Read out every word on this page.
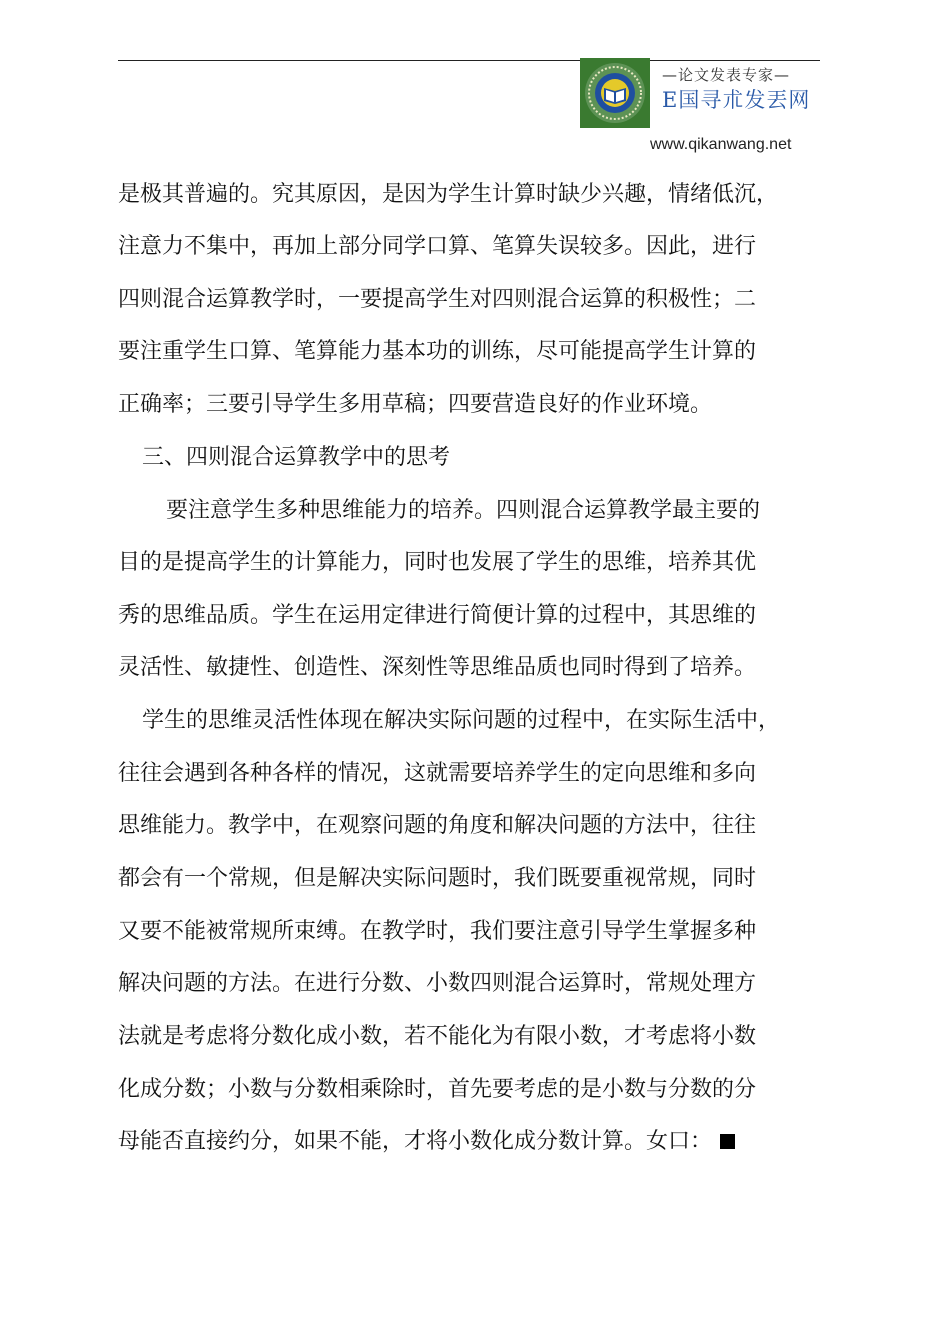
—论文发表专家—
E国寻朮发丟网
www.qikanwang.net
是极其普遍的。究其原因，是因为学生计算时缺少兴趣，情绪低沉，
注意力不集中，再加上部分同学口算、笔算失误较多。因此，进行
四则混合运算教学时，一要提高学生对四则混合运算的积极性；二
要注重学生口算、笔算能力基本功的训练，尽可能提高学生计算的
正确率；三要引导学生多用草稿；四要营造良好的作业环境。
三、四则混合运算教学中的思考
要注意学生多种思维能力的培养。四则混合运算教学最主要的
目的是提高学生的计算能力，同时也发展了学生的思维，培养其优
秀的思维品质。学生在运用定律进行简便计算的过程中，其思维的
灵活性、敏捷性、创造性、深刻性等思维品质也同时得到了培养。
学生的思维灵活性体现在解决实际问题的过程中，在实际生活中，
往往会遇到各种各样的情况，这就需要培养学生的定向思维和多向
思维能力。教学中，在观察问题的角度和解决问题的方法中，往往
都会有一个常规，但是解决实际问题时，我们既要重视常规，同时
又要不能被常规所束缚。在教学时，我们要注意引导学生掌握多种
解决问题的方法。在进行分数、小数四则混合运算时，常规处理方
法就是考虑将分数化成小数，若不能化为有限小数，才考虑将小数
化成分数；小数与分数相乘除时，首先要考虑的是小数与分数的分
母能否直接约分，如果不能，才将小数化成分数计算。女口：
